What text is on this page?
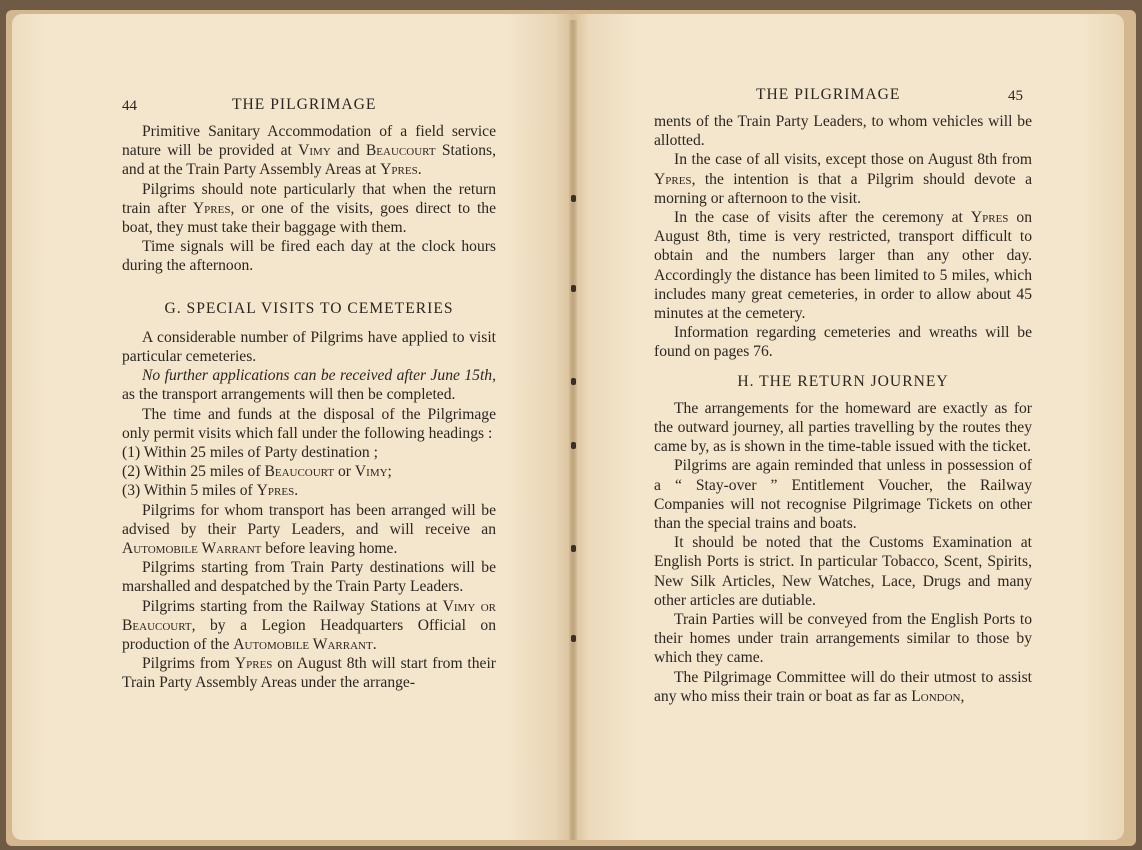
44	THE PILGRIMAGE

Primitive Sanitary Accommodation of a field service nature will be provided at Vimy and Beaucourt Stations, and at the Train Party Assembly Areas at Ypres.

Pilgrims should note particularly that when the return train after Ypres, or one of the visits, goes direct to the boat, they must take their baggage with them.

Time signals will be fired each day at the clock hours during the afternoon.

G. SPECIAL VISITS TO CEMETERIES

A considerable number of Pilgrims have applied to visit particular cemeteries.

No further applications can be received after June 15th, as the transport arrangements will then be completed.

The time and funds at the disposal of the Pilgrimage only permit visits which fall under the following headings :

(1) Within 25 miles of Party destination ;

(2) Within 25 miles of Beaucourt or Vimy;

(3) Within 5 miles of Ypres.

Pilgrims for whom transport has been arranged will be advised by their Party Leaders, and will receive an Automobile Warrant before leaving home.

Pilgrims starting from Train Party destinations will be marshalled and despatched by the Train Party Leaders.

Pilgrims starting from the Railway Stations at Vimy or Beaucourt, by a Legion Headquarters Official on production of the Automobile Warrant.

Pilgrims from Ypres on August 8th will start from their Train Party Assembly Areas under the arrange-

THE PILGRIMAGE	45

ments of the Train Party Leaders, to whom vehicles will be allotted.

In the case of all visits, except those on August 8th from Ypres, the intention is that a Pilgrim should devote a morning or afternoon to the visit.

In the case of visits after the ceremony at Ypres on August 8th, time is very restricted, transport difficult to obtain and the numbers larger than any other day. Accordingly the distance has been limited to 5 miles, which includes many great cemeteries, in order to allow about 45 minutes at the cemetery.

Information regarding cemeteries and wreaths will be found on pages 76.

H. THE RETURN JOURNEY

The arrangements for the homeward are exactly as for the outward journey, all parties travelling by the routes they came by, as is shown in the time-table issued with the ticket.

Pilgrims are again reminded that unless in possession of a “ Stay-over ” Entitlement Voucher, the Railway Companies will not recognise Pilgrimage Tickets on other than the special trains and boats.

It should be noted that the Customs Examination at English Ports is strict. In particular Tobacco, Scent, Spirits, New Silk Articles, New Watches, Lace, Drugs and many other articles are dutiable.

Train Parties will be conveyed from the English Ports to their homes under train arrangements similar to those by which they came.

The Pilgrimage Committee will do their utmost to assist any who miss their train or boat as far as London,
